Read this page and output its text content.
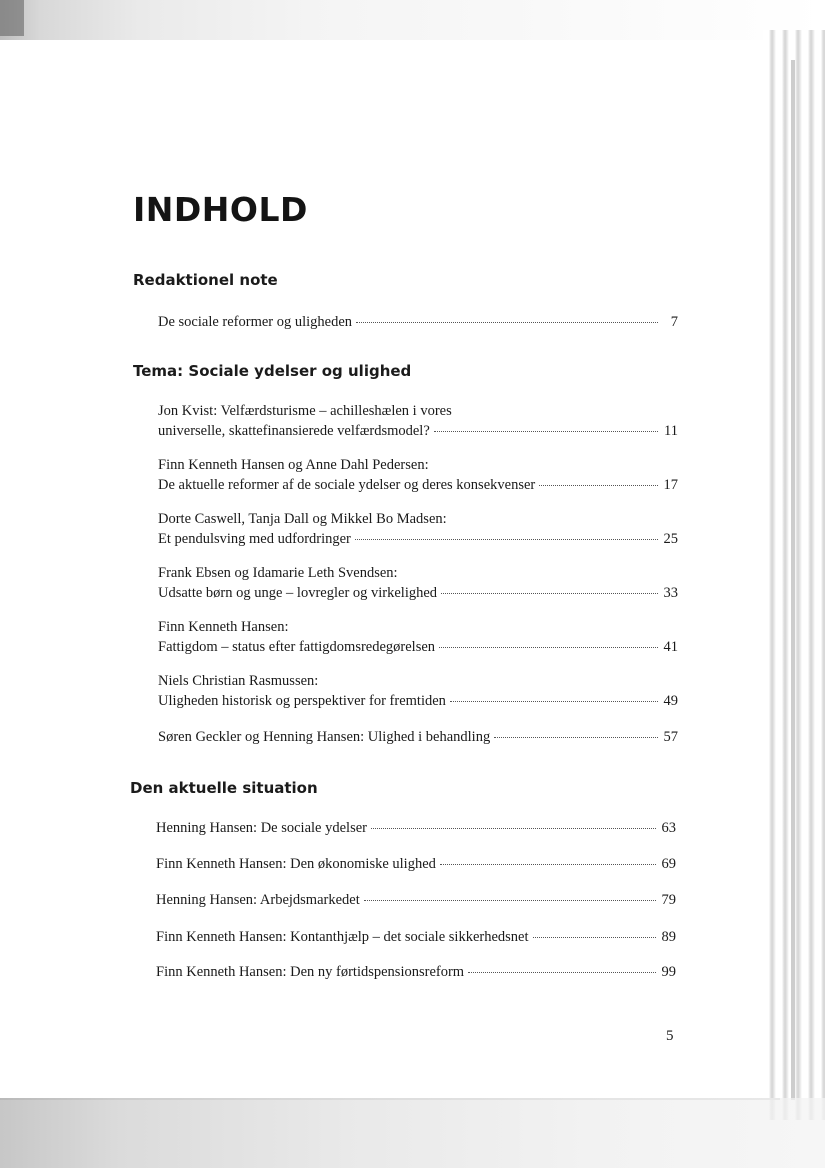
INDHOLD
Redaktionel note
De sociale reformer og uligheden	7
Tema: Sociale ydelser og ulighed
Jon Kvist: Velfærdsturisme – achilleshælen i vores
universelle, skattefinansierede velfærdsmodel?	11
Finn Kenneth Hansen og Anne Dahl Pedersen:
De aktuelle reformer af de sociale ydelser og deres konsekvenser	17
Dorte Caswell, Tanja Dall og Mikkel Bo Madsen:
Et pendulsving med udfordringer	25
Frank Ebsen og Idamarie Leth Svendsen:
Udsatte børn og unge – lovregler og virkelighed	33
Finn Kenneth Hansen:
Fattigdom – status efter fattigdomsredegørelsen	41
Niels Christian Rasmussen:
Uligheden historisk og perspektiver for fremtiden	49
Søren Geckler og Henning Hansen: Ulighed i behandling	57
Den aktuelle situation
Henning Hansen: De sociale ydelser	63
Finn Kenneth Hansen: Den økonomiske ulighed	69
Henning Hansen: Arbejdsmarkedet	79
Finn Kenneth Hansen: Kontanthjælp – det sociale sikkerhedsnet	89
Finn Kenneth Hansen: Den ny førtidspensionsreform	99
5
